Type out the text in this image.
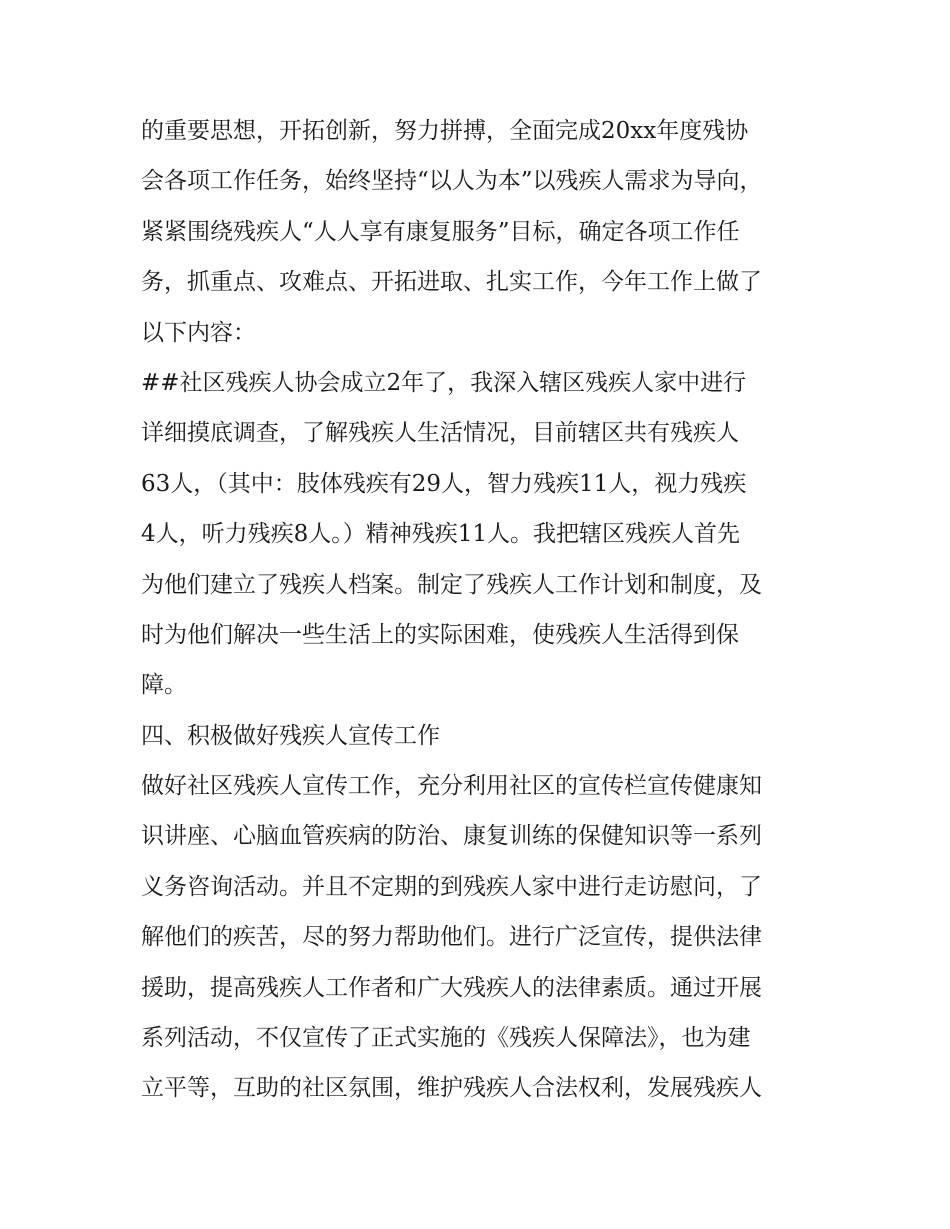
的重要思想，开拓创新，努力拼搏，全面完成20xx年度残协
会各项工作任务，始终坚持“以人为本”以残疾人需求为导向，
紧紧围绕残疾人“人人享有康复服务”目标，确定各项工作任
务，抓重点、攻难点、开拓进取、扎实工作，今年工作上做了
以下内容：
##社区残疾人协会成立2年了，我深入辖区残疾人家中进行
详细摸底调查，了解残疾人生活情况，目前辖区共有残疾人
63人，（其中：肢体残疾有29人，智力残疾11人，视力残疾
4人，听力残疾8人。）精神残疾11人。我把辖区残疾人首先
为他们建立了残疾人档案。制定了残疾人工作计划和制度，及
时为他们解决一些生活上的实际困难，使残疾人生活得到保
障。
四、积极做好残疾人宣传工作
做好社区残疾人宣传工作，充分利用社区的宣传栏宣传健康知
识讲座、心脑血管疾病的防治、康复训练的保健知识等一系列
义务咨询活动。并且不定期的到残疾人家中进行走访慰问，了
解他们的疾苦，尽的努力帮助他们。进行广泛宣传，提供法律
援助，提高残疾人工作者和广大残疾人的法律素质。通过开展
系列活动，不仅宣传了正式实施的《残疾人保障法》，也为建
立平等，互助的社区氛围，维护残疾人合法权利，发展残疾人
